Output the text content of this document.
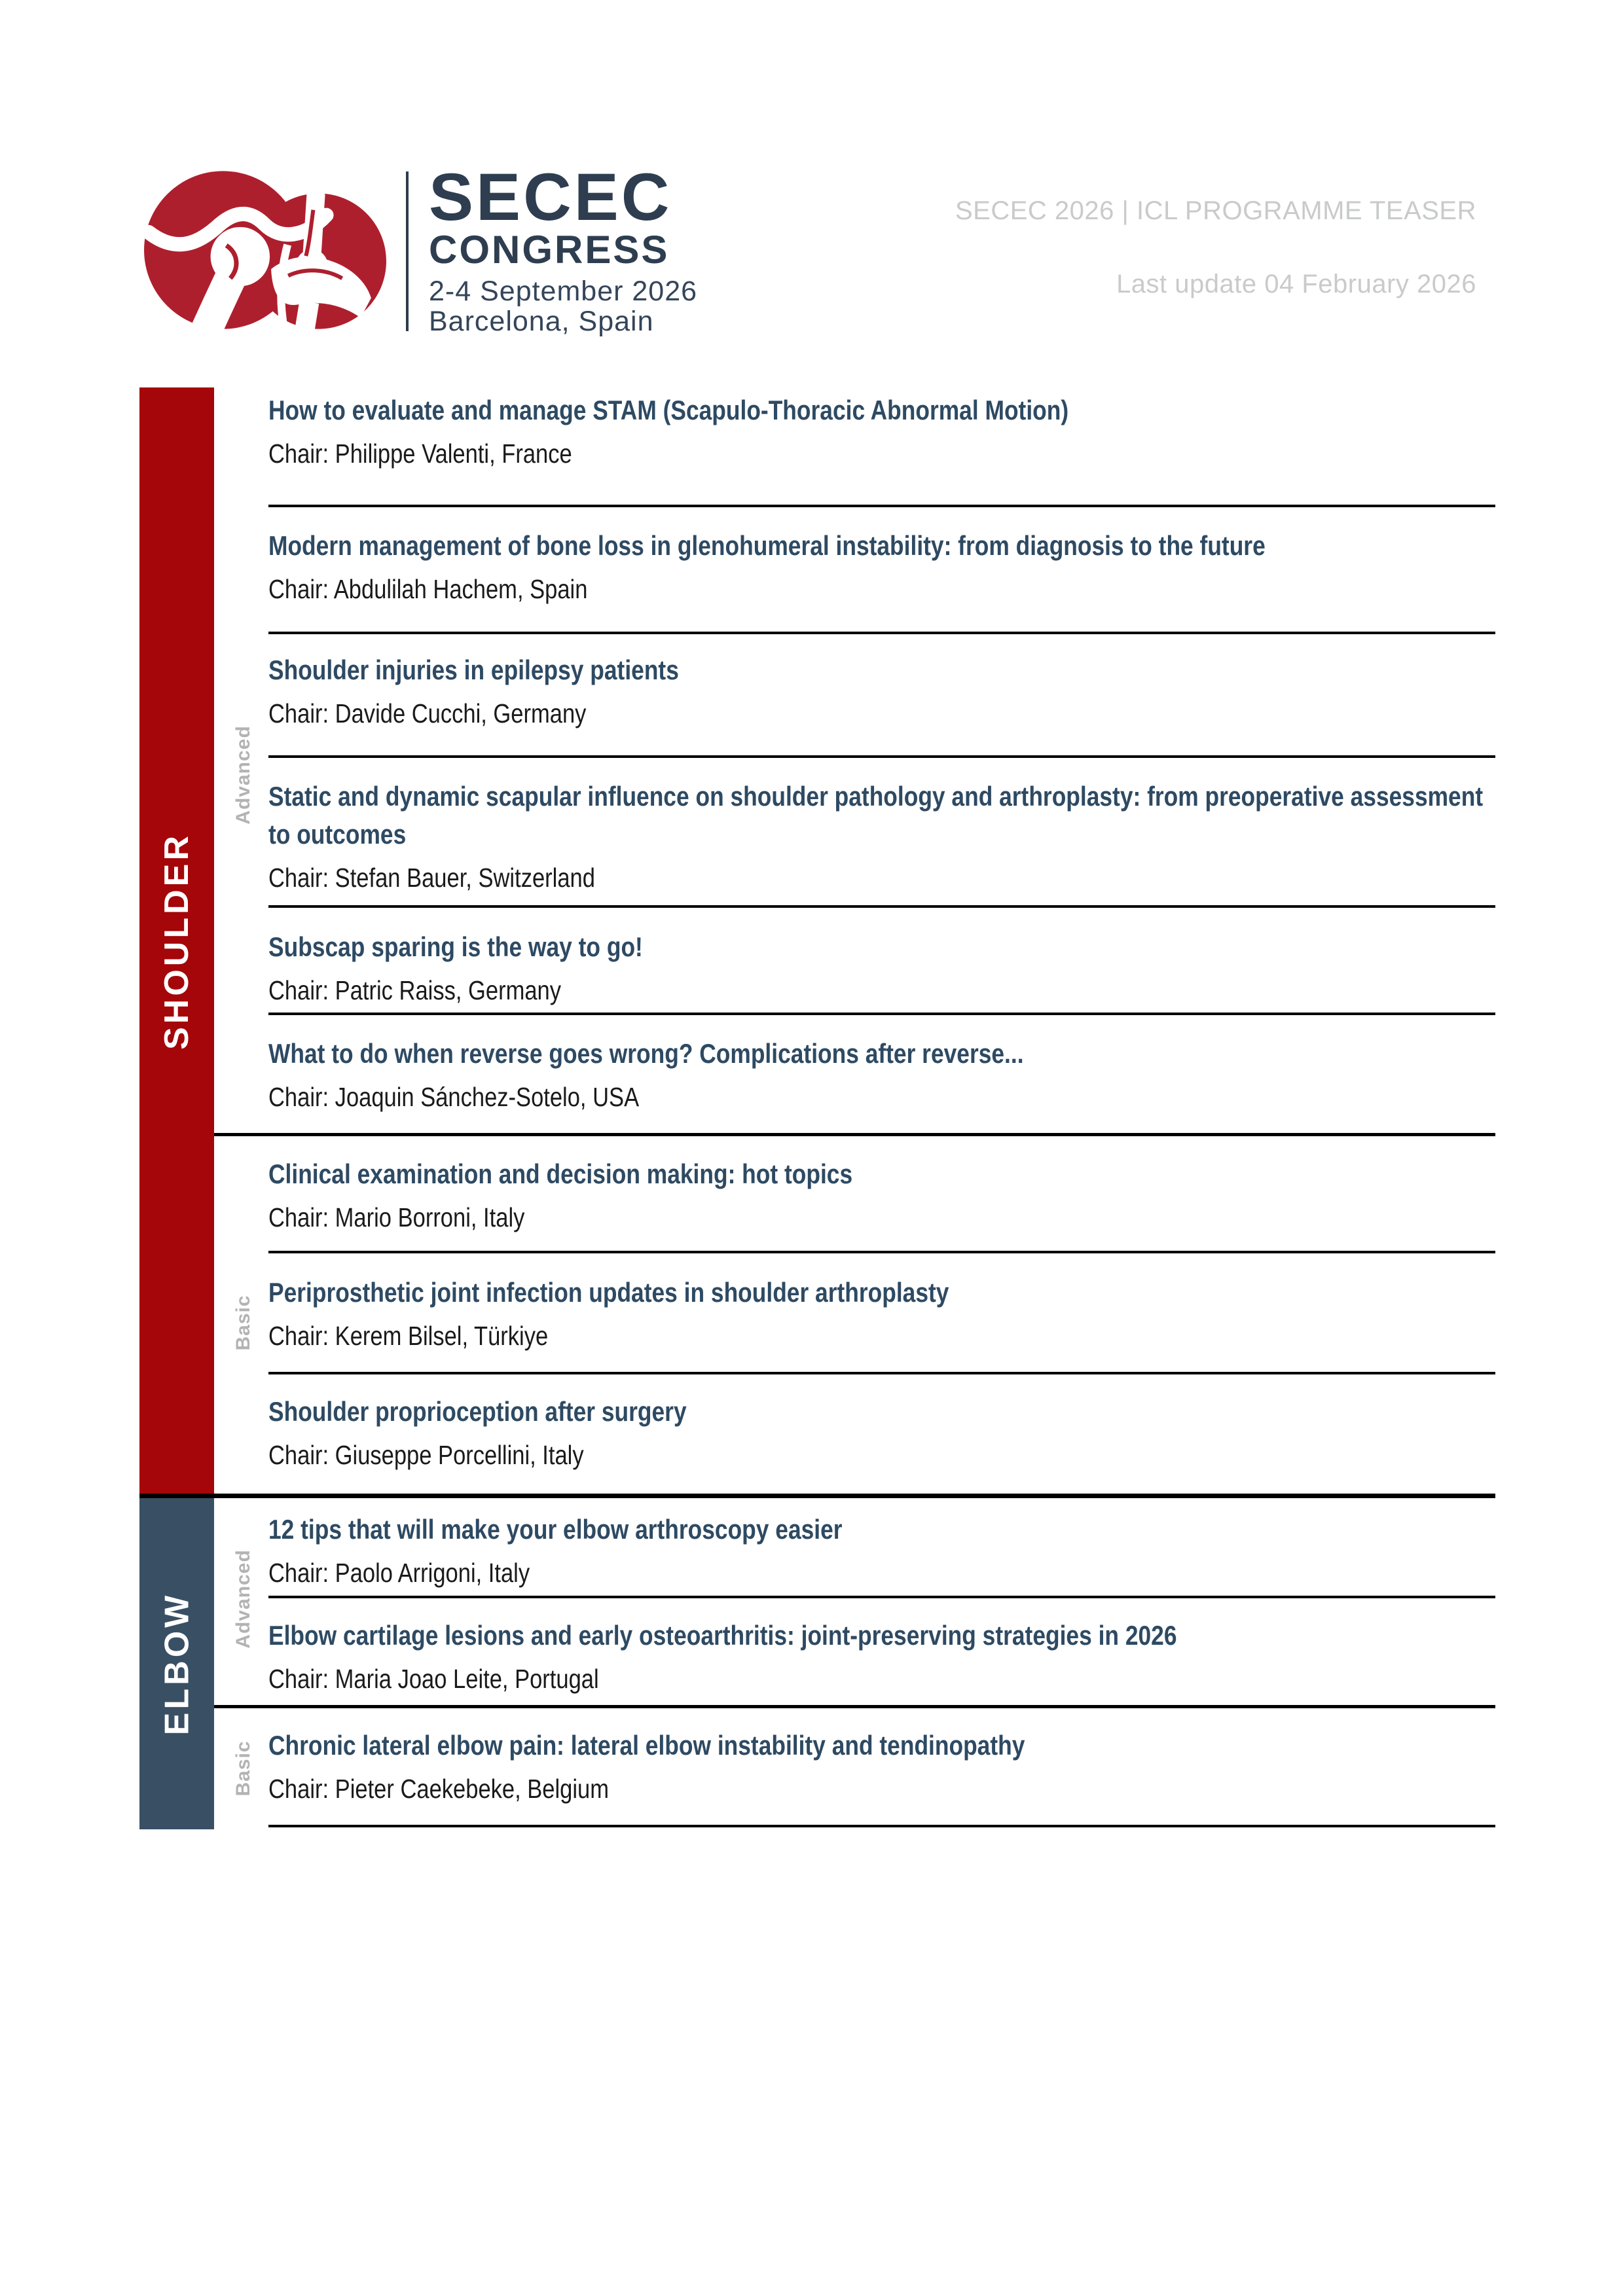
SECEC
CONGRESS
2-4 September 2026
Barcelona, Spain
SECEC 2026 | ICL PROGRAMME TEASER
Last update 04 February 2026
SHOULDER
ELBOW
Advanced
Basic
Advanced
Basic
How to evaluate and manage STAM (Scapulo-Thoracic Abnormal Motion)
Chair: Philippe Valenti, France
Modern management of bone loss in glenohumeral instability: from diagnosis to the future
Chair: Abdulilah Hachem, Spain
Shoulder injuries in epilepsy patients
Chair: Davide Cucchi, Germany
Static and dynamic scapular influence on shoulder pathology and arthroplasty: from preoperative assessment to outcomes
Chair: Stefan Bauer, Switzerland
Subscap sparing is the way to go!
Chair: Patric Raiss, Germany
What to do when reverse goes wrong? Complications after reverse...
Chair: Joaquin Sánchez-Sotelo, USA
Clinical examination and decision making: hot topics
Chair: Mario Borroni, Italy
Periprosthetic joint infection updates in shoulder arthroplasty
Chair: Kerem Bilsel, Türkiye
Shoulder proprioception after surgery
Chair: Giuseppe Porcellini, Italy
12 tips that will make your elbow arthroscopy easier
Chair: Paolo Arrigoni, Italy
Elbow cartilage lesions and early osteoarthritis: joint-preserving strategies in 2026
Chair: Maria Joao Leite, Portugal
Chronic lateral elbow pain: lateral elbow instability and tendinopathy
Chair: Pieter Caekebeke, Belgium
